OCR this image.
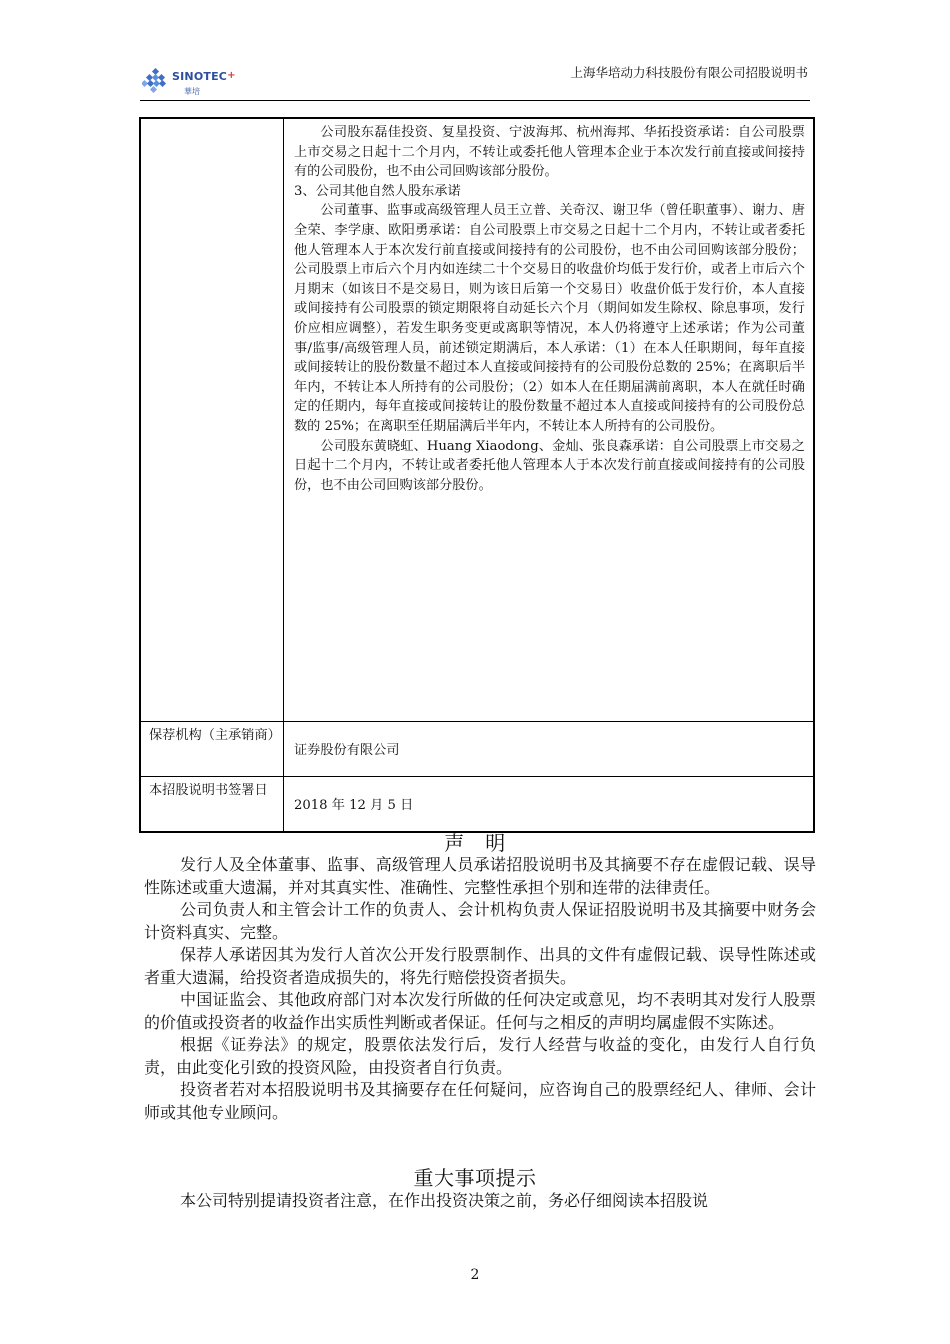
SINOTEC+
華培
上海华培动力科技股份有限公司招股说明书

	公司股东磊佳投资、复星投资、宁波海邦、杭州海邦、华拓投资承诺：自公司股票上市交易之日起十二个月内，不转让或委托他人管理本企业于本次发行前直接或间接持有的公司股份，也不由公司回购该部分股份。

3、公司其他自然人股东承诺

公司董事、监事或高级管理人员王立普、关奇汉、谢卫华（曾任职董事）、谢力、唐全荣、李学康、欧阳勇承诺：自公司股票上市交易之日起十二个月内，不转让或者委托他人管理本人于本次发行前直接或间接持有的公司股份，也不由公司回购该部分股份；公司股票上市后六个月内如连续二十个交易日的收盘价均低于发行价，或者上市后六个月期末（如该日不是交易日，则为该日后第一个交易日）收盘价低于发行价，本人直接或间接持有公司股票的锁定期限将自动延长六个月（期间如发生除权、除息事项，发行价应相应调整），若发生职务变更或离职等情况，本人仍将遵守上述承诺；作为公司董事/监事/高级管理人员，前述锁定期满后，本人承诺：（1）在本人任职期间，每年直接或间接转让的股份数量不超过本人直接或间接持有的公司股份总数的 25%；在离职后半年内，不转让本人所持有的公司股份；（2）如本人在任期届满前离职，本人在就任时确定的任期内，每年直接或间接转让的股份数量不超过本人直接或间接持有的公司股份总数的 25%；在离职至任期届满后半年内，不转让本人所持有的公司股份。

公司股东黄晓虹、Huang Xiaodong、金灿、张良森承诺：自公司股票上市交易之日起十二个月内，不转让或者委托他人管理本人于本次发行前直接或间接持有的公司股份，也不由公司回购该部分股份。

保荐机构（主承销商）	证券股份有限公司
本招股说明书签署日	2018 年 12 月 5 日
声　明

发行人及全体董事、监事、高级管理人员承诺招股说明书及其摘要不存在虚假记载、误导性陈述或重大遗漏，并对其真实性、准确性、完整性承担个别和连带的法律责任。

公司负责人和主管会计工作的负责人、会计机构负责人保证招股说明书及其摘要中财务会计资料真实、完整。

保荐人承诺因其为发行人首次公开发行股票制作、出具的文件有虚假记载、误导性陈述或者重大遗漏，给投资者造成损失的，将先行赔偿投资者损失。

中国证监会、其他政府部门对本次发行所做的任何决定或意见，均不表明其对发行人股票的价值或投资者的收益作出实质性判断或者保证。任何与之相反的声明均属虚假不实陈述。

根据《证券法》的规定，股票依法发行后，发行人经营与收益的变化，由发行人自行负责，由此变化引致的投资风险，由投资者自行负责。

投资者若对本招股说明书及其摘要存在任何疑问，应咨询自己的股票经纪人、律师、会计师或其他专业顾问。

重大事项提示

本公司特别提请投资者注意，在作出投资决策之前，务必仔细阅读本招股说

2
